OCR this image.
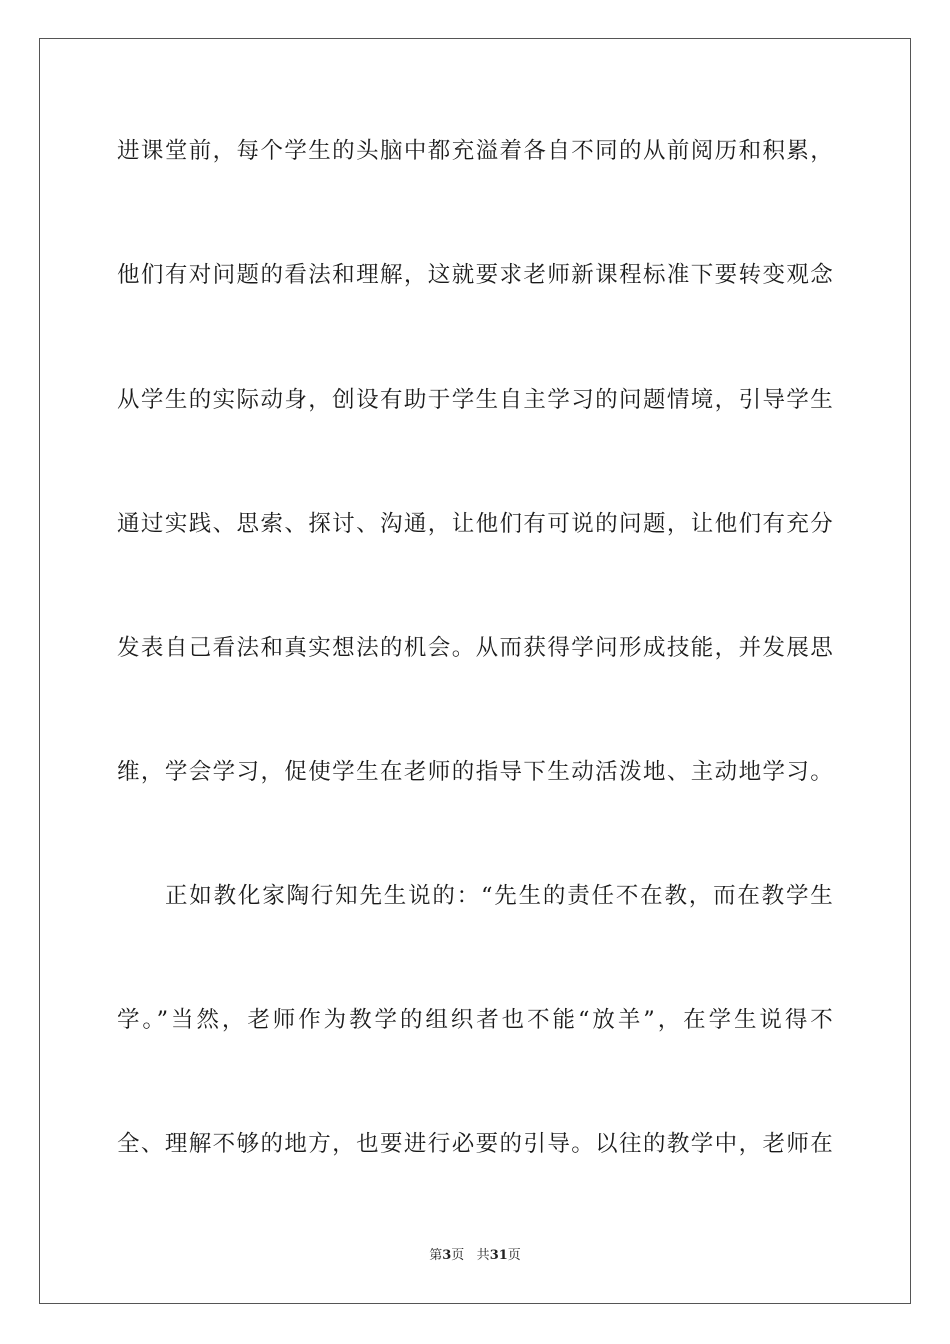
进课堂前，每个学生的头脑中都充溢着各自不同的从前阅历和积累，
他们有对问题的看法和理解，这就要求老师新课程标准下要转变观念
从学生的实际动身，创设有助于学生自主学习的问题情境，引导学生
通过实践、思索、探讨、沟通，让他们有可说的问题，让他们有充分
发表自己看法和真实想法的机会。从而获得学问形成技能，并发展思
维，学会学习，促使学生在老师的指导下生动活泼地、主动地学习。
正如教化家陶行知先生说的：“先生的责任不在教，而在教学生
学。”当然，老师作为教学的组织者也不能“放羊”，在学生说得不
全、理解不够的地方，也要进行必要的引导。以往的教学中，老师在
第3页 共31页
